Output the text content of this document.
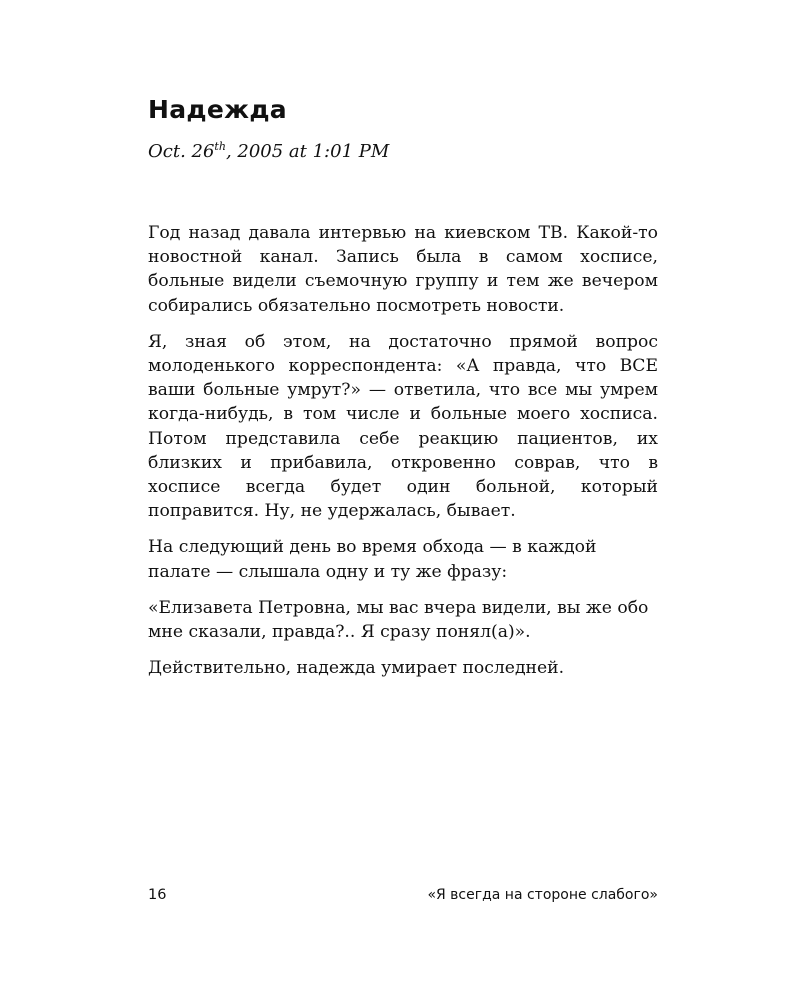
Надежда
Oct. 26th, 2005 at 1:01 PM

Год назад давала интервью на киевском ТВ. Какой-то новостной канал. Запись была в самом хосписе, больные видели съемочную группу и тем же вечером собирались обязательно посмотреть новости.

Я, зная об этом, на достаточно прямой вопрос молоденького корреспондента: «А правда, что ВСЕ ваши больные умрут?» — ответила, что все мы умрем когда-нибудь, в том числе и больные моего хосписа. Потом представила себе реакцию пациентов, их близких и прибавила, откровенно соврав, что в хосписе всегда будет один больной, который поправится. Ну, не удержалась, бывает.

На следующий день во время обхода — в каждой палате — слышала одну и ту же фразу:

«Елизавета Петровна, мы вас вчера видели, вы же обо мне сказали, правда?.. Я сразу понял(а)».

Действительно, надежда умирает последней.

16	«Я всегда на стороне слабого»
